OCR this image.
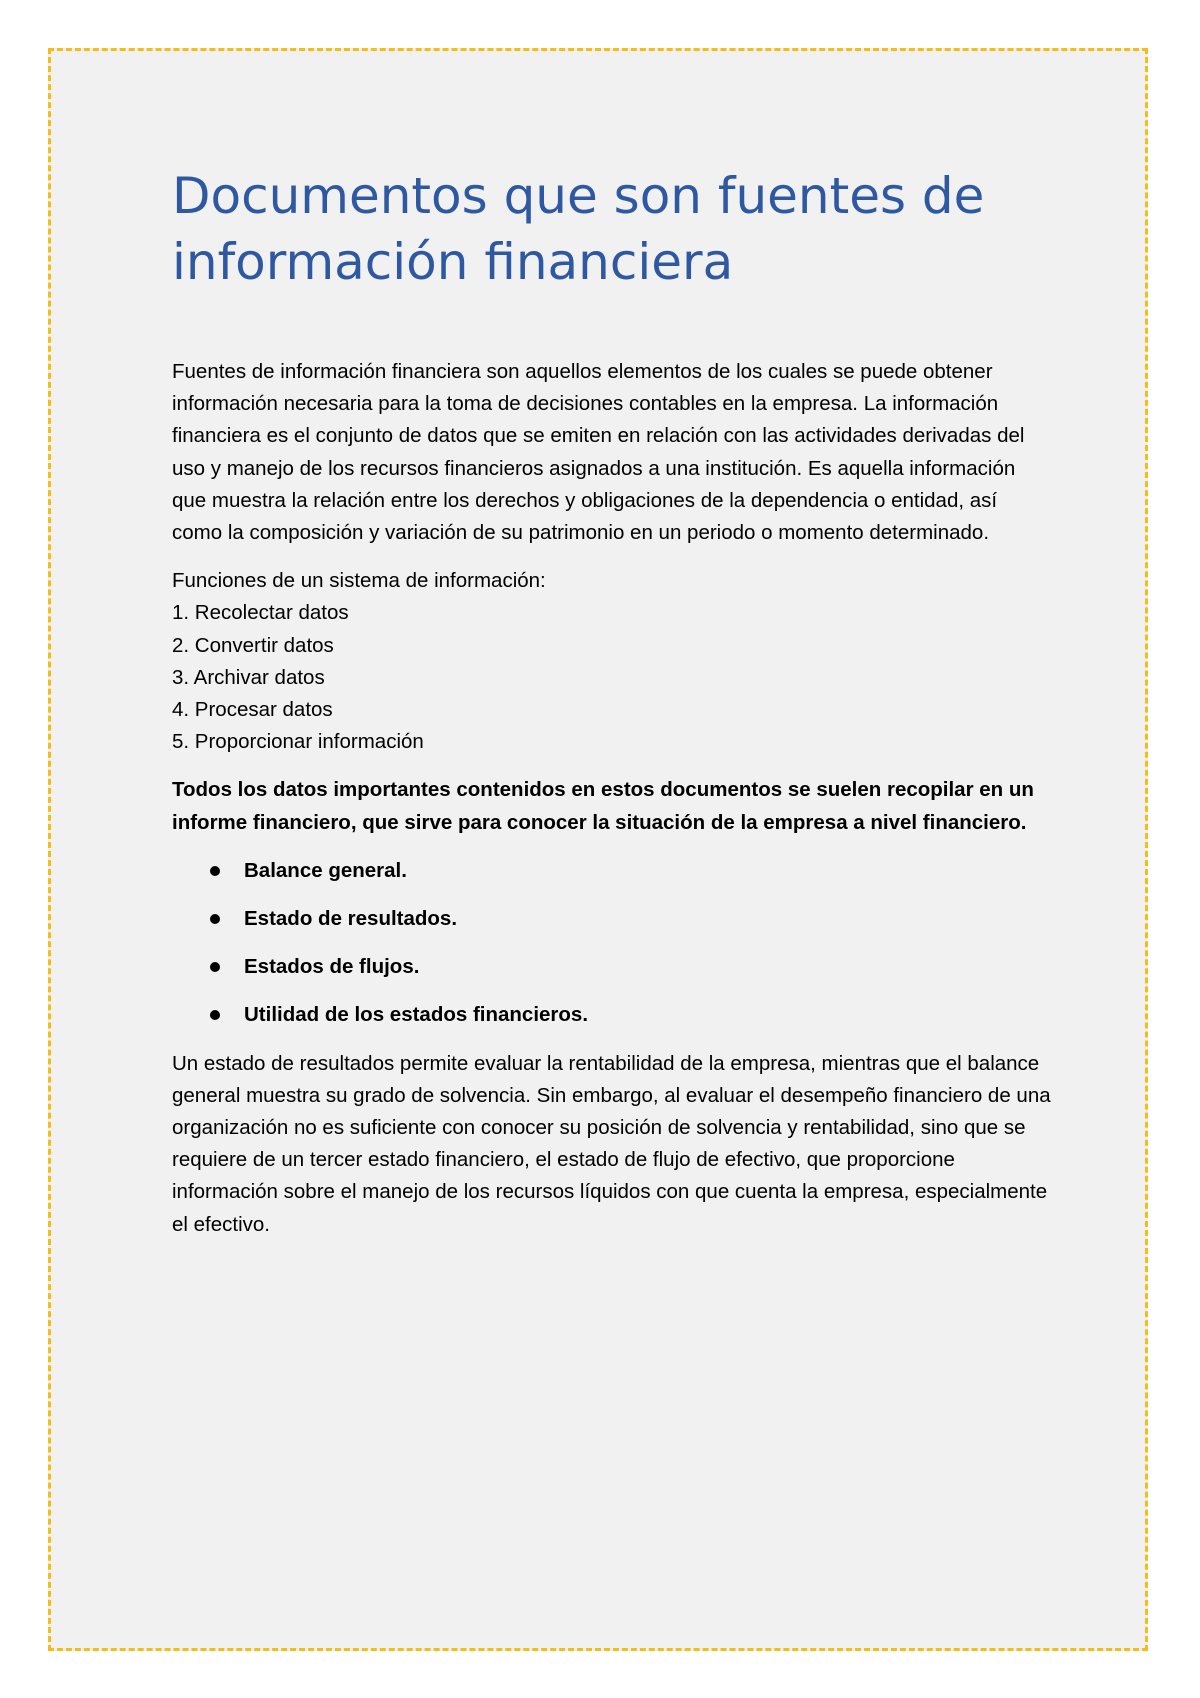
Documentos que son fuentes de información financiera

Fuentes de información financiera son aquellos elementos de los cuales se puede obtener información necesaria para la toma de decisiones contables en la empresa. La información financiera es el conjunto de datos que se emiten en relación con las actividades derivadas del uso y manejo de los recursos financieros asignados a una institución. Es aquella información que muestra la relación entre los derechos y obligaciones de la dependencia o entidad, así como la composición y variación de su patrimonio en un periodo o momento determinado.

Funciones de un sistema de información:

1. Recolectar datos
2. Convertir datos
3. Archivar datos
4. Procesar datos
5. Proporcionar información

Todos los datos importantes contenidos en estos documentos se suelen recopilar en un informe financiero, que sirve para conocer la situación de la empresa a nivel financiero.

Balance general.
Estado de resultados.
Estados de flujos.
Utilidad de los estados financieros.

Un estado de resultados permite evaluar la rentabilidad de la empresa, mientras que el balance general muestra su grado de solvencia. Sin embargo, al evaluar el desempeño financiero de una organización no es suficiente con conocer su posición de solvencia y rentabilidad, sino que se requiere de un tercer estado financiero, el estado de flujo de efectivo, que proporcione información sobre el manejo de los recursos líquidos con que cuenta la empresa, especialmente el efectivo.
